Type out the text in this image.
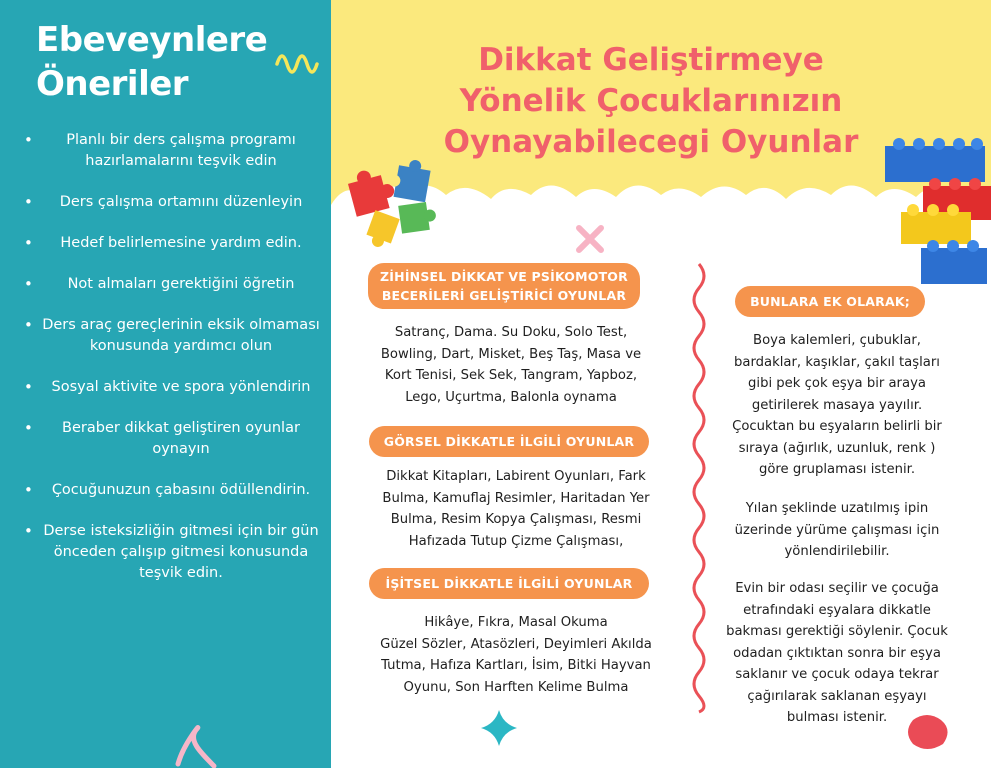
Ebeveynlere
Öneriler
• Planlı bir ders çalışma programı hazırlamalarını teşvik edin
• Ders çalışma ortamını düzenleyin
• Hedef belirlemesine yardım edin.
• Not almaları gerektiğini öğretin
• Ders araç gereçlerinin eksik olmaması konusunda yardımcı olun
• Sosyal aktivite ve spora yönlendirin
• Beraber dikkat geliştiren oyunlar oynayın
• Çocuğunuzun çabasını ödüllendirin.
• Derse isteksizliğin gitmesi için bir gün önceden çalışıp gitmesi konusunda teşvik edin.
Dikkat Geliştirmeye
Yönelik Çocuklarınızın
Oynayabilecegi Oyunlar
ZİHİNSEL DİKKAT VE PSİKOMOTOR
BECERİLERİ GELİŞTİRİCİ OYUNLAR
Satranç, Dama. Su Doku, Solo Test,
Bowling, Dart, Misket, Beş Taş, Masa ve
Kort Tenisi, Sek Sek, Tangram, Yapboz,
Lego, Uçurtma, Balonla oynama
GÖRSEL DİKKATLE İLGİLİ OYUNLAR
Dikkat Kitapları, Labirent Oyunları, Fark
Bulma, Kamuflaj Resimler, Haritadan Yer
Bulma, Resim Kopya Çalışması, Resmi
Hafızada Tutup Çizme Çalışması,
İŞİTSEL DİKKATLE İLGİLİ OYUNLAR
Hikâye, Fıkra, Masal Okuma
Güzel Sözler, Atasözleri, Deyimleri Akılda
Tutma, Hafıza Kartları, İsim, Bitki Hayvan
Oyunu, Son Harften Kelime Bulma
BUNLARA EK OLARAK;
Boya kalemleri, çubuklar,
bardaklar, kaşıklar, çakıl taşları
gibi pek çok eşya bir araya
getirilerek masaya yayılır.
Çocuktan bu eşyaların belirli bir
sıraya (ağırlık, uzunluk, renk )
göre gruplaması istenir.
Yılan şeklinde uzatılmış ipin
üzerinde yürüme çalışması için
yönlendirilebilir.
Evin bir odası seçilir ve çocuğa
etrafındaki eşyalara dikkatle
bakması gerektiği söylenir. Çocuk
odadan çıktıktan sonra bir eşya
saklanır ve çocuk odaya tekrar
çağırılarak saklanan eşyayı
bulması istenir.
